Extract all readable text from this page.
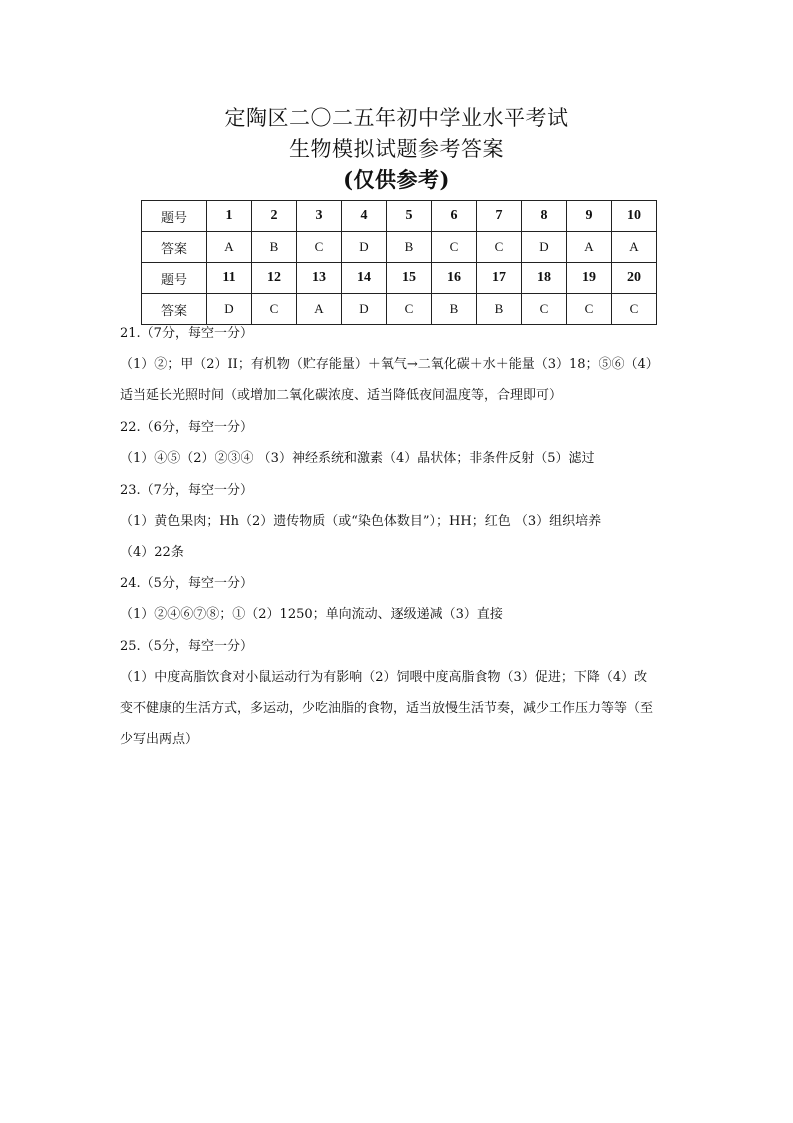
定陶区二〇二五年初中学业水平考试
生物模拟试题参考答案
(仅供参考)
题号	1	2	3	4	5	6	7	8	9	10
答案	A	B	C	D	B	C	C	D	A	A
题号	11	12	13	14	15	16	17	18	19	20
答案	D	C	A	D	C	B	B	C	C	C
21.（7分，每空一分）
（1）②；甲（2）II；有机物（贮存能量）＋氧气→二氧化碳＋水＋能量（3）18；⑤⑥（4）
适当延长光照时间（或增加二氧化碳浓度、适当降低夜间温度等，合理即可）
22.（6分，每空一分）
（1）④⑤（2）②③④ （3）神经系统和激素（4）晶状体；非条件反射（5）滤过
23.（7分，每空一分）
（1）黄色果肉；Hh（2）遗传物质（或“染色体数目”）；HH；红色 （3）组织培养
（4）22条
24.（5分，每空一分）
（1）②④⑥⑦⑧；①（2）1250；单向流动、逐级递减（3）直接
25.（5分，每空一分）
（1）中度高脂饮食对小鼠运动行为有影响（2）饲喂中度高脂食物（3）促进；下降（4）改
变不健康的生活方式，多运动，少吃油脂的食物，适当放慢生活节奏，减少工作压力等等（至
少写出两点）
